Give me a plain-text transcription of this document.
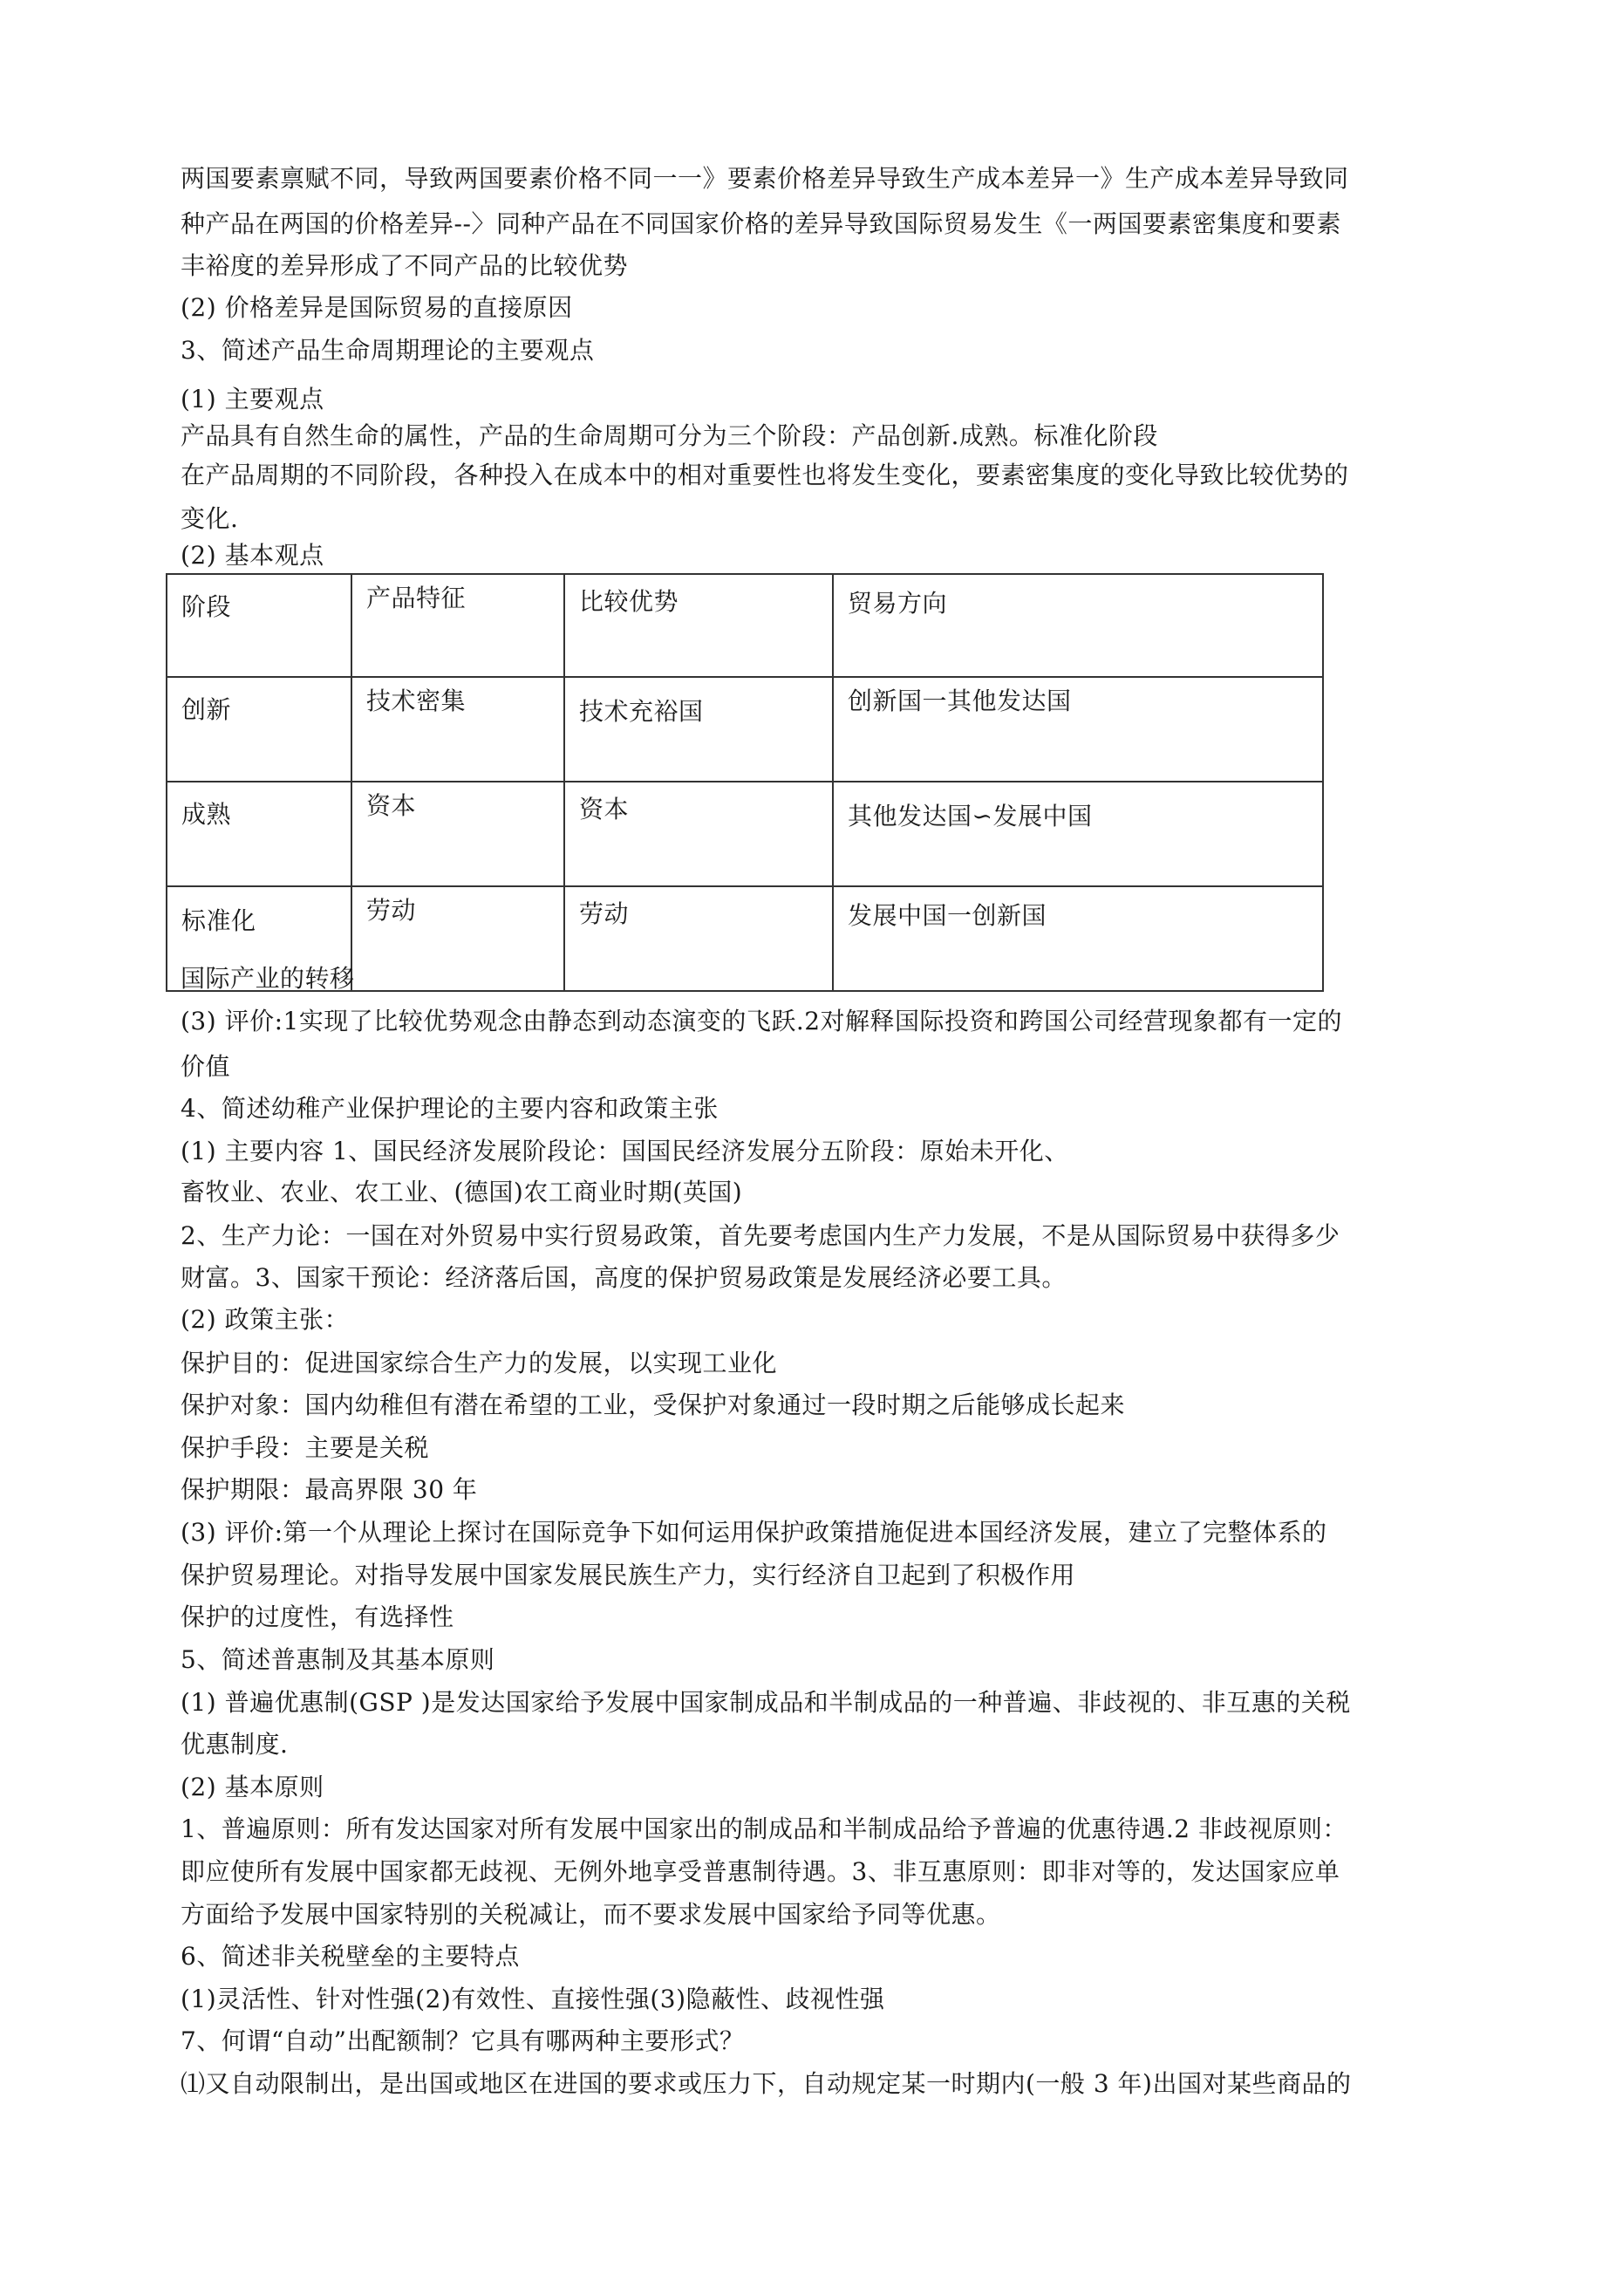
两国要素禀赋不同，导致两国要素价格不同一一》要素价格差异导致生产成本差异一》生产成本差异导致同
种产品在两国的价格差异--〉同种产品在不同国家价格的差异导致国际贸易发生《一两国要素密集度和要素
丰裕度的差异形成了不同产品的比较优势
(2) 价格差异是国际贸易的直接原因
3、简述产品生命周期理论的主要观点
(1) 主要观点
产品具有自然生命的属性，产品的生命周期可分为三个阶段：产品创新.成熟。标准化阶段
在产品周期的不同阶段，各种投入在成本中的相对重要性也将发生变化，要素密集度的变化导致比较优势的
变化.
(2) 基本观点
阶段	产品特征	比较优势	贸易方向
创新	技术密集	技术充裕国	创新国一其他发达国
成熟	资本	资本	其他发达国∽发展中国
标准化	劳动	劳动	发展中国一创新国
国际产业的转移
(3) 评价:1实现了比较优势观念由静态到动态演变的飞跃.2对解释国际投资和跨国公司经营现象都有一定的
价值
4、简述幼稚产业保护理论的主要内容和政策主张
(1) 主要内容 1、国民经济发展阶段论：国国民经济发展分五阶段：原始未开化、
畜牧业、农业、农工业、(德国)农工商业时期(英国)
2、生产力论：一国在对外贸易中实行贸易政策，首先要考虑国内生产力发展，不是从国际贸易中获得多少
财富。3、国家干预论：经济落后国，高度的保护贸易政策是发展经济必要工具。
(2) 政策主张：
保护目的：促进国家综合生产力的发展，以实现工业化
保护对象：国内幼稚但有潜在希望的工业，受保护对象通过一段时期之后能够成长起来
保护手段：主要是关税
保护期限：最高界限 30 年
(3) 评价:第一个从理论上探讨在国际竞争下如何运用保护政策措施促进本国经济发展，建立了完整体系的
保护贸易理论。对指导发展中国家发展民族生产力，实行经济自卫起到了积极作用
保护的过度性，有选择性
5、简述普惠制及其基本原则
(1) 普遍优惠制(GSP )是发达国家给予发展中国家制成品和半制成品的一种普遍、非歧视的、非互惠的关税
优惠制度.
(2) 基本原则
1、普遍原则：所有发达国家对所有发展中国家出的制成品和半制成品给予普遍的优惠待遇.2 非歧视原则：
即应使所有发展中国家都无歧视、无例外地享受普惠制待遇。3、非互惠原则：即非对等的，发达国家应单
方面给予发展中国家特别的关税减让，而不要求发展中国家给予同等优惠。
6、简述非关税壁垒的主要特点
(1)灵活性、针对性强(2)有效性、直接性强(3)隐蔽性、歧视性强
7、何谓“自动”出配额制？它具有哪两种主要形式？
⑴又自动限制出，是出国或地区在进国的要求或压力下，自动规定某一时期内(一般 3 年)出国对某些商品的
